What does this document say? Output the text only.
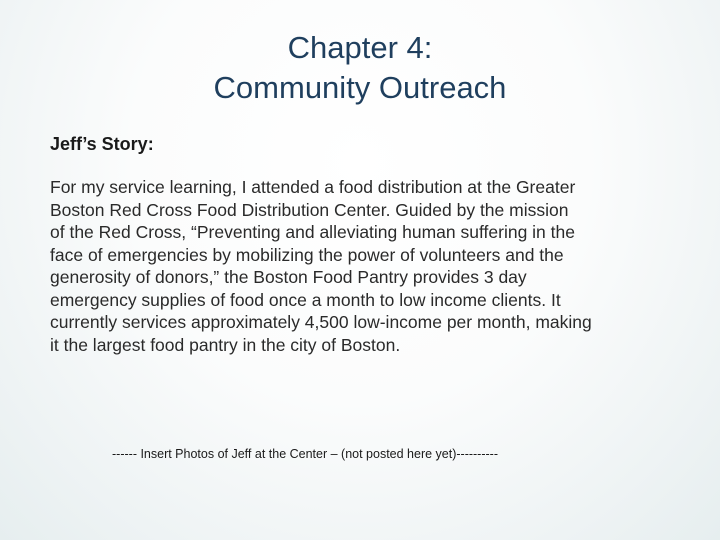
Chapter 4:
Community Outreach

Jeff’s Story:

For my service learning, I attended a food distribution at the Greater
Boston Red Cross Food Distribution Center. Guided by the mission
of the Red Cross, “Preventing and alleviating human suffering in the
face of emergencies by mobilizing the power of volunteers and the
generosity of donors,” the Boston Food Pantry provides 3 day
emergency supplies of food once a month to low income clients. It
currently services approximately 4,500 low-income per month, making
it the largest food pantry in the city of Boston.

------ Insert Photos of Jeff at the Center – (not posted here yet)----------
